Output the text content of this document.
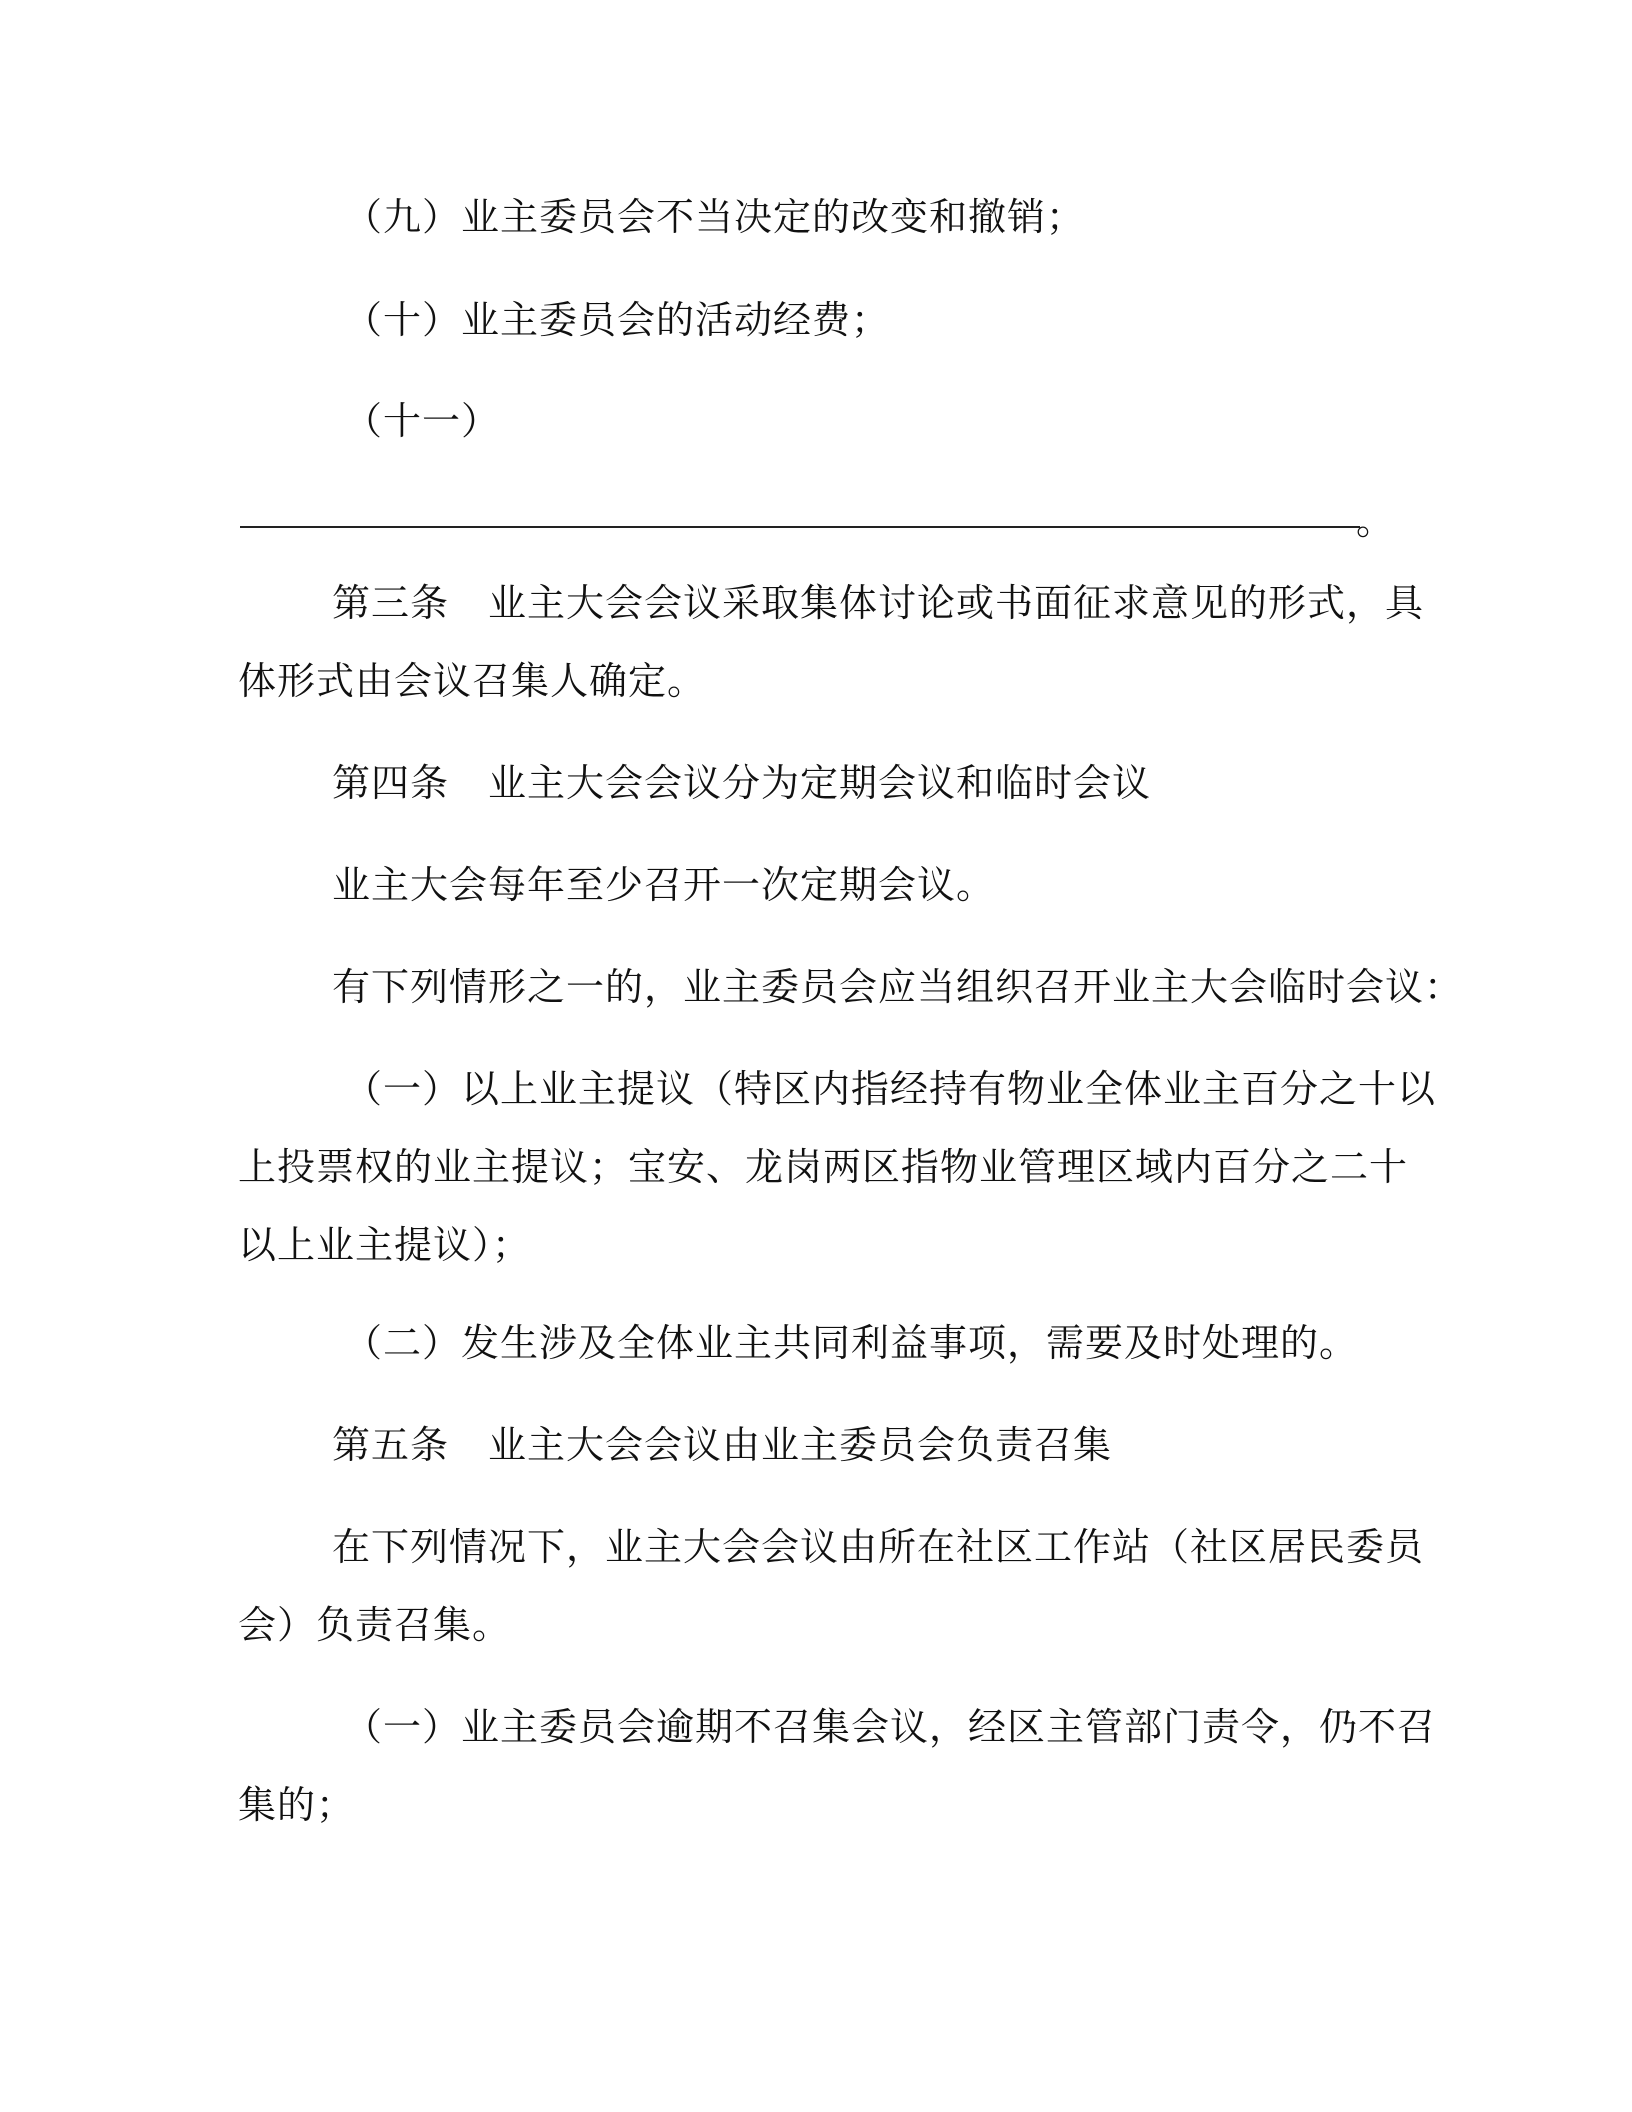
（九）业主委员会不当决定的改变和撤销；
（十）业主委员会的活动经费；
（十一）
。
第三条　业主大会会议采取集体讨论或书面征求意见的形式，具
体形式由会议召集人确定。
第四条　业主大会会议分为定期会议和临时会议
业主大会每年至少召开一次定期会议。
有下列情形之一的，业主委员会应当组织召开业主大会临时会议：
（一）以上业主提议（特区内指经持有物业全体业主百分之十以
上投票权的业主提议；宝安、龙岗两区指物业管理区域内百分之二十
以上业主提议）；
（二）发生涉及全体业主共同利益事项，需要及时处理的。
第五条　业主大会会议由业主委员会负责召集
在下列情况下，业主大会会议由所在社区工作站（社区居民委员
会）负责召集。
（一）业主委员会逾期不召集会议，经区主管部门责令，仍不召
集的；
